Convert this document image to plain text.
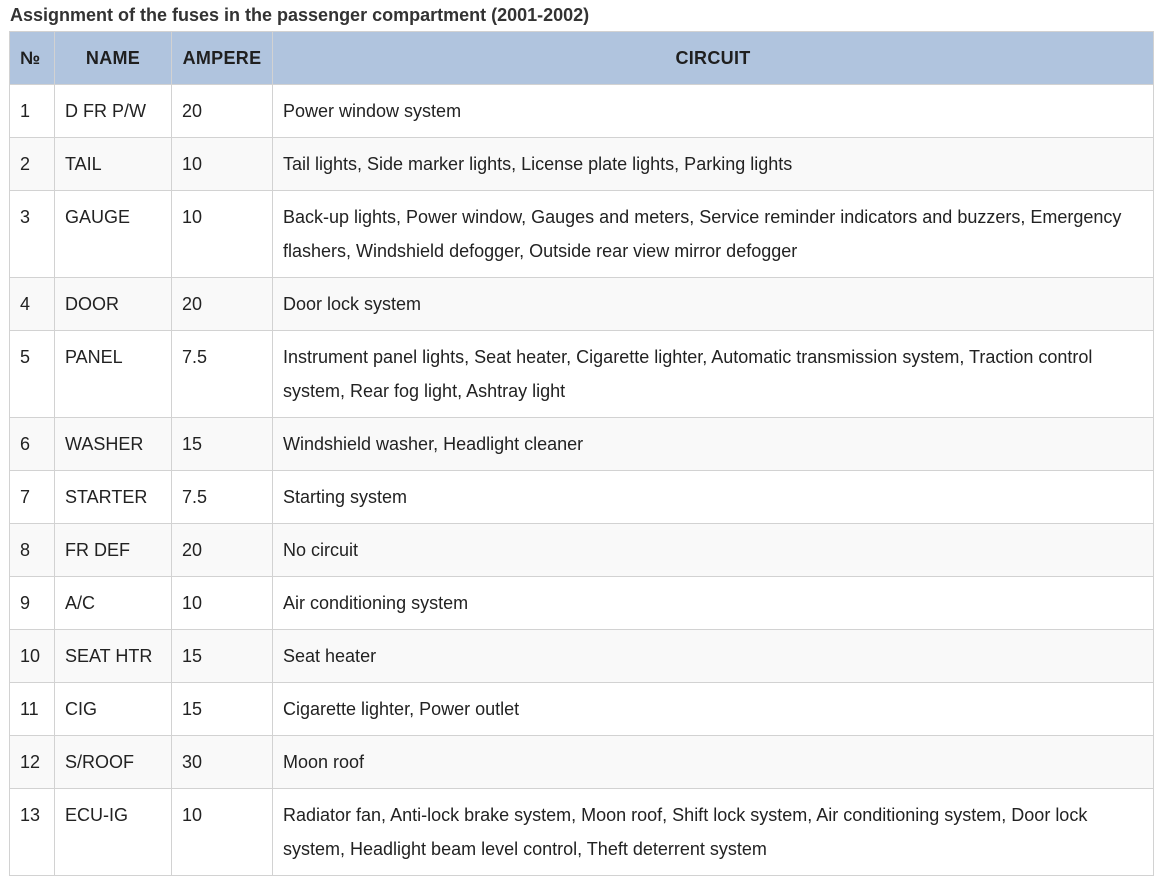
Assignment of the fuses in the passenger compartment (2001-2002)
№	NAME	AMPERE	CIRCUIT
1	D FR P/W	20	Power window system
2	TAIL	10	Tail lights, Side marker lights, License plate lights, Parking lights
3	GAUGE	10	Back-up lights, Power window, Gauges and meters, Service reminder indicators and buzzers, Emergency flashers, Windshield defogger, Outside rear view mirror defogger
4	DOOR	20	Door lock system
5	PANEL	7.5	Instrument panel lights, Seat heater, Cigarette lighter, Automatic transmission system, Traction control system, Rear fog light, Ashtray light
6	WASHER	15	Windshield washer, Headlight cleaner
7	STARTER	7.5	Starting system
8	FR DEF	20	No circuit
9	A/C	10	Air conditioning system
10	SEAT HTR	15	Seat heater
11	CIG	15	Cigarette lighter, Power outlet
12	S/ROOF	30	Moon roof
13	ECU-IG	10	Radiator fan, Anti-lock brake system, Moon roof, Shift lock system, Air conditioning system, Door lock system, Headlight beam level control, Theft deterrent system
